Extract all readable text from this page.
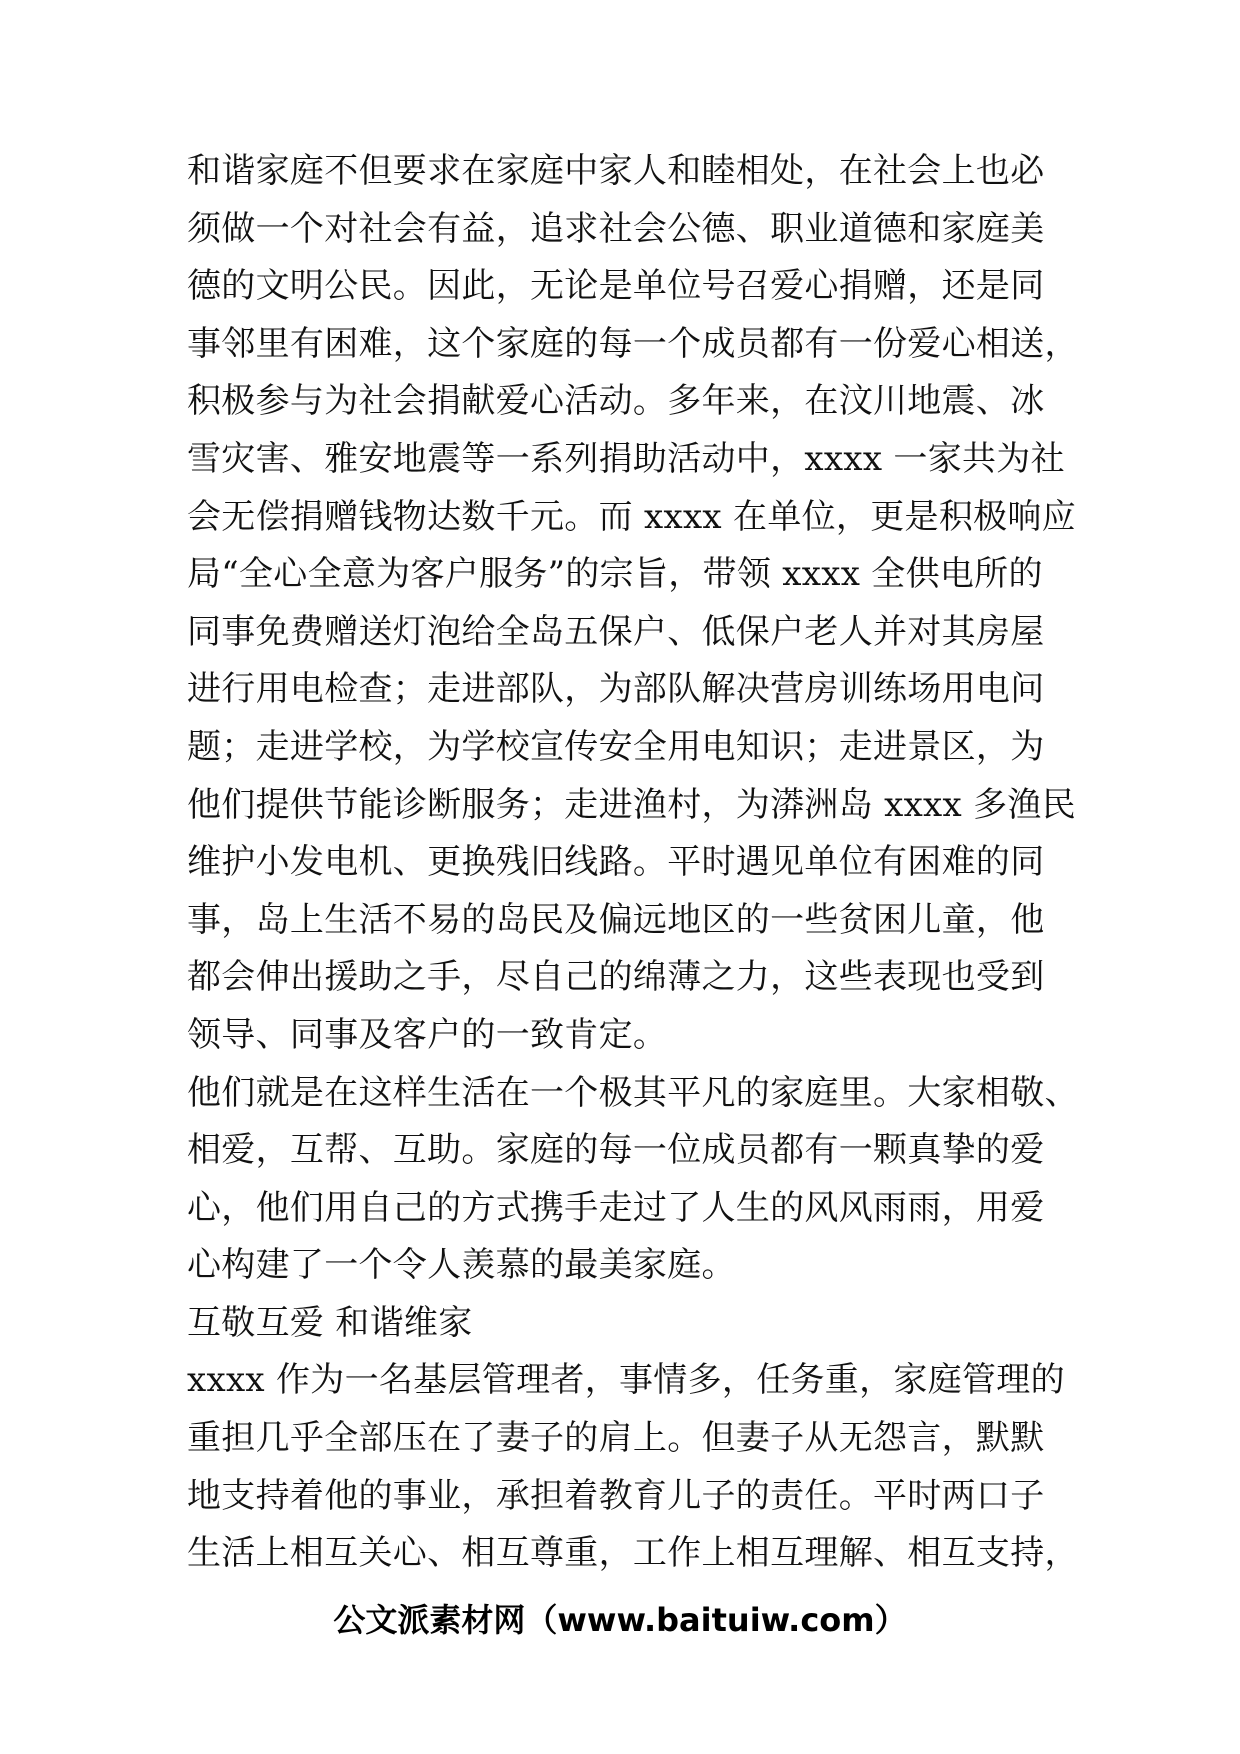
和谐家庭不但要求在家庭中家人和睦相处，在社会上也必
须做一个对社会有益，追求社会公德、职业道德和家庭美
德的文明公民。因此，无论是单位号召爱心捐赠，还是同
事邻里有困难，这个家庭的每一个成员都有一份爱心相送，
积极参与为社会捐献爱心活动。多年来，在汶川地震、冰
雪灾害、雅安地震等一系列捐助活动中，xxxx 一家共为社
会无偿捐赠钱物达数千元。而 xxxx 在单位，更是积极响应
局“全心全意为客户服务”的宗旨，带领 xxxx 全供电所的
同事免费赠送灯泡给全岛五保户、低保户老人并对其房屋
进行用电检查；走进部队，为部队解决营房训练场用电问
题；走进学校，为学校宣传安全用电知识；走进景区，为
他们提供节能诊断服务；走进渔村，为漭洲岛 xxxx 多渔民
维护小发电机、更换残旧线路。平时遇见单位有困难的同
事，岛上生活不易的岛民及偏远地区的一些贫困儿童，他
都会伸出援助之手，尽自己的绵薄之力，这些表现也受到
领导、同事及客户的一致肯定。
他们就是在这样生活在一个极其平凡的家庭里。大家相敬、
相爱，互帮、互助。家庭的每一位成员都有一颗真挚的爱
心，他们用自己的方式携手走过了人生的风风雨雨，用爱
心构建了一个令人羡慕的最美家庭。
互敬互爱 和谐维家
xxxx 作为一名基层管理者，事情多，任务重，家庭管理的
重担几乎全部压在了妻子的肩上。但妻子从无怨言，默默
地支持着他的事业，承担着教育儿子的责任。平时两口子
生活上相互关心、相互尊重，工作上相互理解、相互支持，
公文派素材网（www.baituiw.com）
